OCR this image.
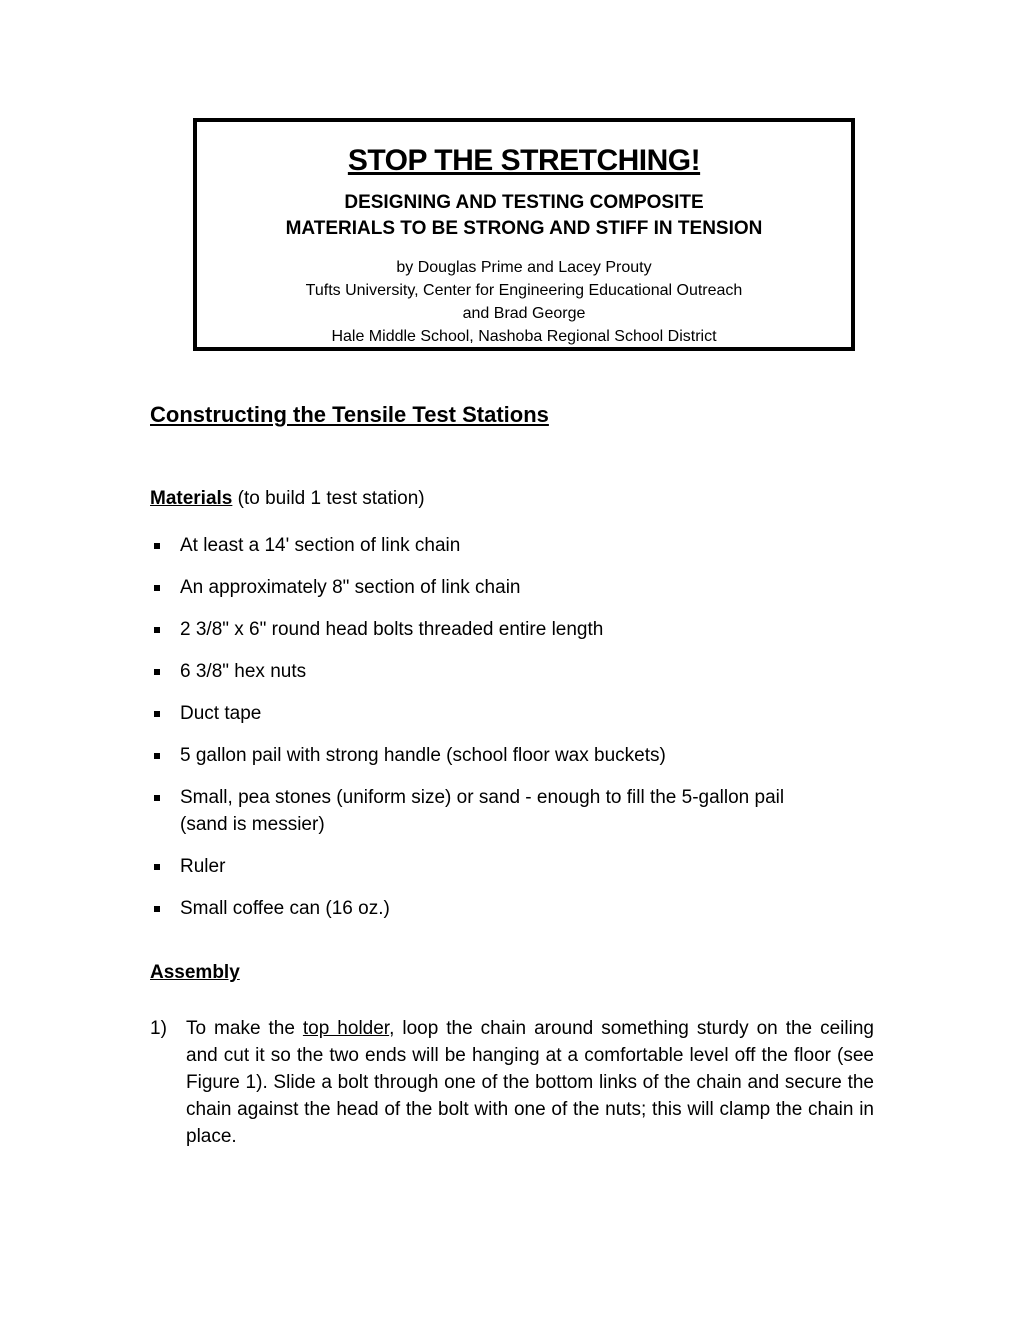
STOP THE STRETCHING!
DESIGNING AND TESTING COMPOSITE
MATERIALS TO BE STRONG AND STIFF IN TENSION
by Douglas Prime and Lacey Prouty
Tufts University, Center for Engineering Educational Outreach
and Brad George
Hale Middle School, Nashoba Regional School District
Constructing the Tensile Test Stations
Materials (to build 1 test station)
At least a 14' section of link chain
An approximately 8" section of link chain
2 3/8" x 6" round head bolts threaded entire length
6 3/8" hex nuts
Duct tape
5 gallon pail with strong handle (school floor wax buckets)
Small, pea stones (uniform size) or sand - enough to fill the 5-gallon pail (sand is messier)
Ruler
Small coffee can (16 oz.)
Assembly
1) To make the top holder, loop the chain around something sturdy on the ceiling and cut it so the two ends will be hanging at a comfortable level off the floor (see Figure 1). Slide a bolt through one of the bottom links of the chain and secure the chain against the head of the bolt with one of the nuts; this will clamp the chain in place.
